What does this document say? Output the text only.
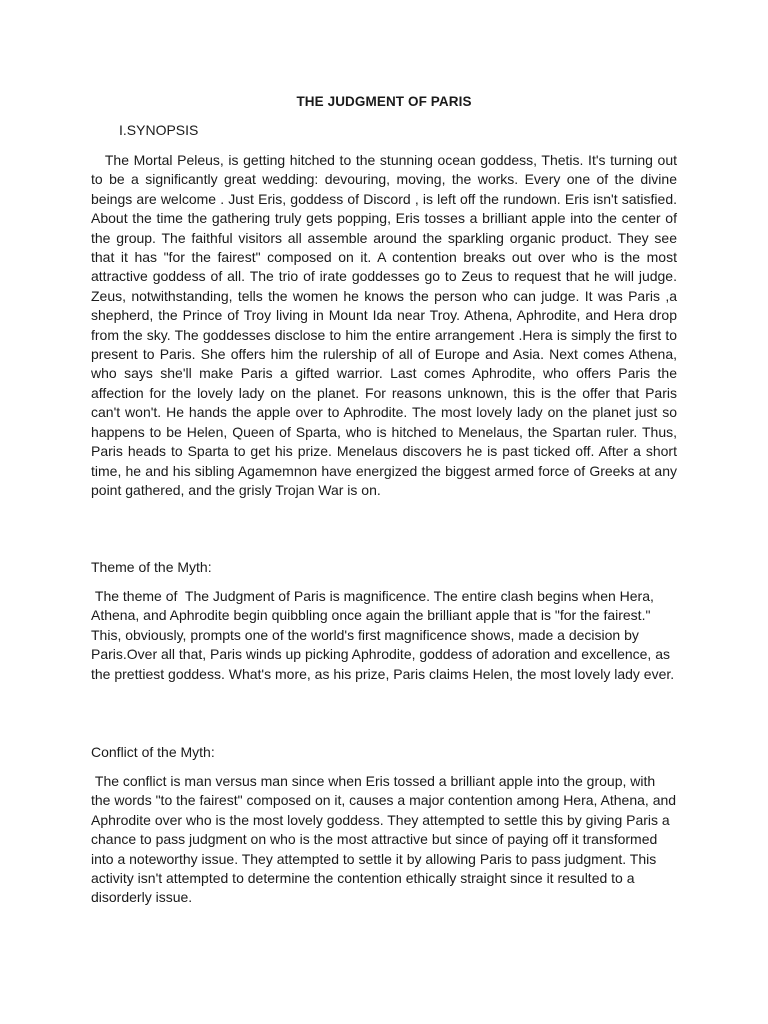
THE JUDGMENT OF PARIS

I.SYNOPSIS

The Mortal Peleus, is getting hitched to the stunning ocean goddess, Thetis. It's turning out to be a significantly great wedding: devouring, moving, the works. Every one of the divine beings are welcome . Just Eris, goddess of Discord , is left off the rundown. Eris isn't satisfied. About the time the gathering truly gets popping, Eris tosses a brilliant apple into the center of the group. The faithful visitors all assemble around the sparkling organic product. They see that it has "for the fairest" composed on it. A contention breaks out over who is the most attractive goddess of all. The trio of irate goddesses go to Zeus to request that he will judge. Zeus, notwithstanding, tells the women he knows the person who can judge. It was Paris ,a shepherd, the Prince of Troy living in Mount Ida near Troy. Athena, Aphrodite, and Hera drop from the sky. The goddesses disclose to him the entire arrangement .Hera is simply the first to present to Paris. She offers him the rulership of all of Europe and Asia. Next comes Athena, who says she'll make Paris a gifted warrior. Last comes Aphrodite, who offers Paris the affection for the lovely lady on the planet. For reasons unknown, this is the offer that Paris can't won't. He hands the apple over to Aphrodite. The most lovely lady on the planet just so happens to be Helen, Queen of Sparta, who is hitched to Menelaus, the Spartan ruler. Thus, Paris heads to Sparta to get his prize. Menelaus discovers he is past ticked off. After a short time, he and his sibling Agamemnon have energized the biggest armed force of Greeks at any point gathered, and the grisly Trojan War is on.

Theme of the Myth:

The theme of  The Judgment of Paris is magnificence. The entire clash begins when Hera, Athena, and Aphrodite begin quibbling once again the brilliant apple that is "for the fairest." This, obviously, prompts one of the world's first magnificence shows, made a decision by Paris.Over all that, Paris winds up picking Aphrodite, goddess of adoration and excellence, as the prettiest goddess. What's more, as his prize, Paris claims Helen, the most lovely lady ever.

Conflict of the Myth:

The conflict is man versus man since when Eris tossed a brilliant apple into the group, with the words "to the fairest" composed on it, causes a major contention among Hera, Athena, and Aphrodite over who is the most lovely goddess. They attempted to settle this by giving Paris a chance to pass judgment on who is the most attractive but since of paying off it transformed into a noteworthy issue. They attempted to settle it by allowing Paris to pass judgment. This activity isn't attempted to determine the contention ethically straight since it resulted to a disorderly issue.
